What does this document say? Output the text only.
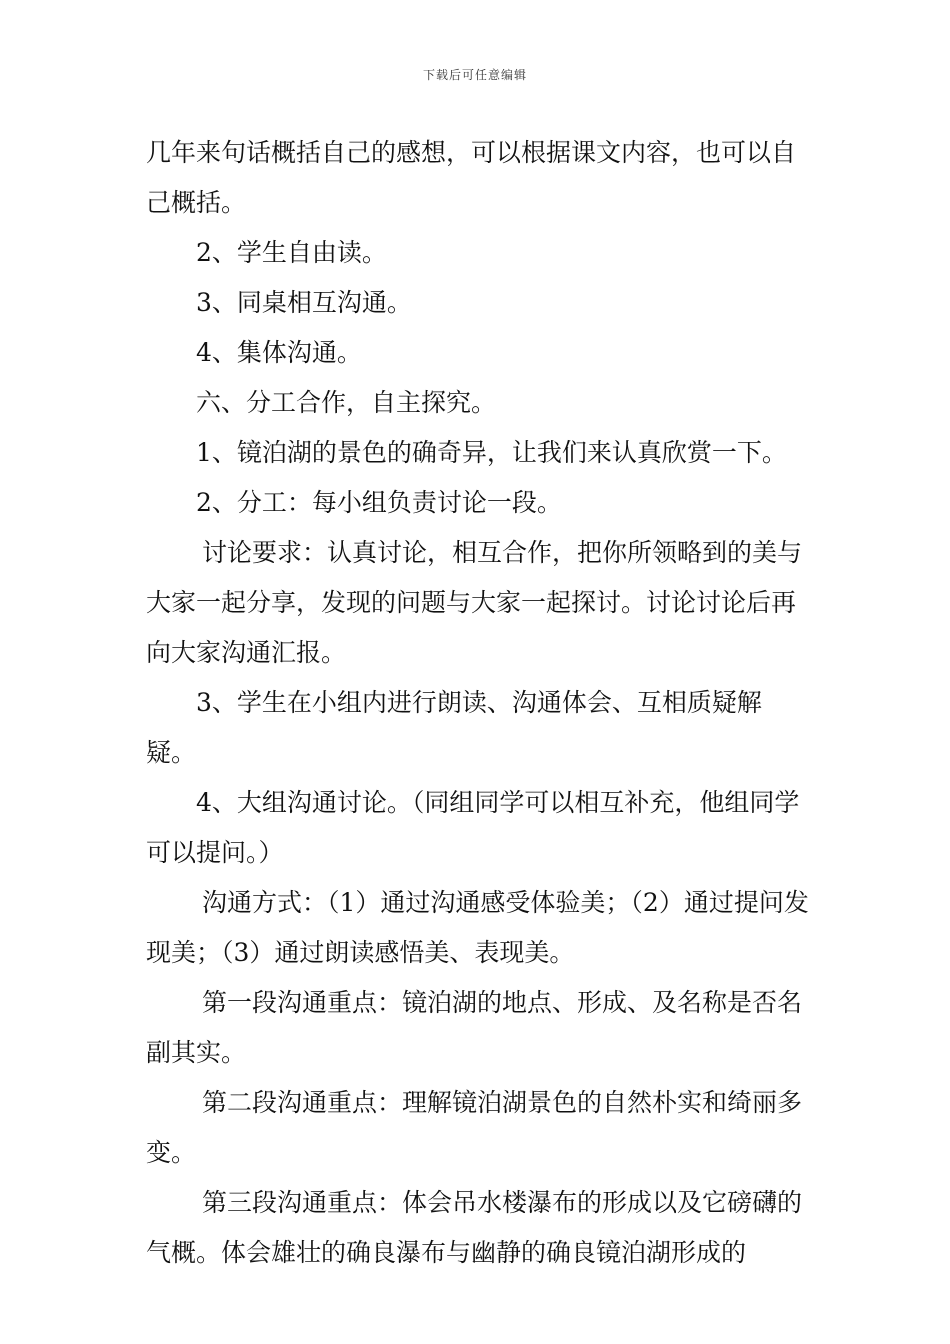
下载后可任意编辑

几年来句话概括自己的感想，可以根据课文内容，也可以自己概括。

2、学生自由读。

3、同桌相互沟通。

4、集体沟通。

六、分工合作，自主探究。

1、镜泊湖的景色的确奇异，让我们来认真欣赏一下。

2、分工：每小组负责讨论一段。

讨论要求：认真讨论，相互合作，把你所领略到的美与大家一起分享，发现的问题与大家一起探讨。讨论讨论后再向大家沟通汇报。

3、学生在小组内进行朗读、沟通体会、互相质疑解疑。

4、大组沟通讨论。（同组同学可以相互补充，他组同学可以提问。）

沟通方式：（1）通过沟通感受体验美；（2）通过提问发现美；（3）通过朗读感悟美、表现美。

第一段沟通重点：镜泊湖的地点、形成、及名称是否名副其实。

第二段沟通重点：理解镜泊湖景色的自然朴实和绮丽多变。

第三段沟通重点：体会吊水楼瀑布的形成以及它磅礴的气概。体会雄壮的确良瀑布与幽静的确良镜泊湖形成的
